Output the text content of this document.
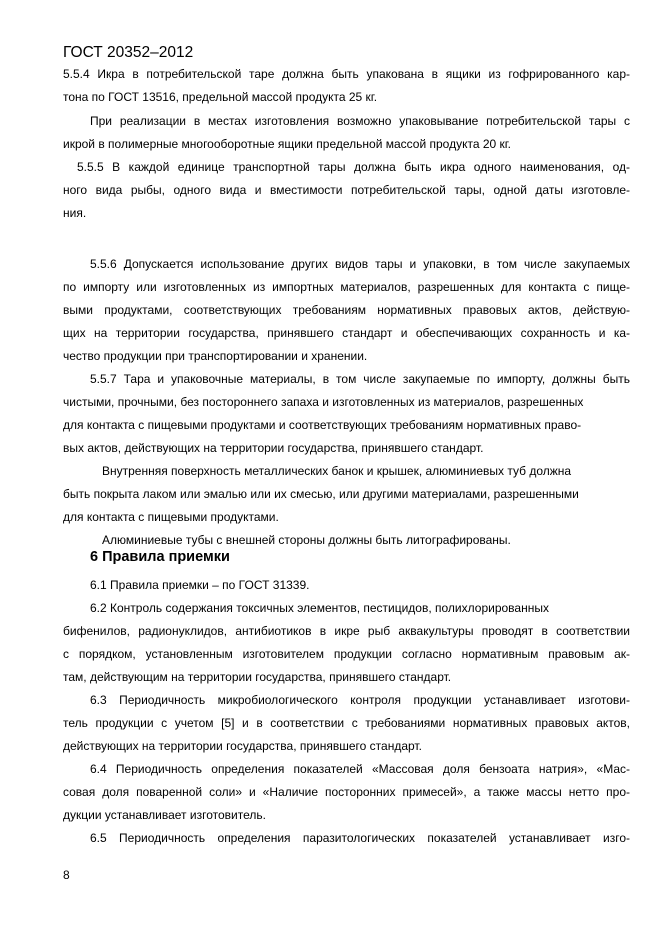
ГОСТ 20352–2012
5.5.4 Икра в потребительской таре должна быть упакована в ящики из гофрированного кар-
тона по ГОСТ 13516, предельной массой продукта 25 кг.
При реализации в местах изготовления возможно упаковывание потребительской тары с
икрой в полимерные многооборотные ящики предельной массой продукта 20 кг.
5.5.5 В каждой единице транспортной тары должна быть икра одного наименования, од-
ного вида рыбы, одного вида и вместимости потребительской тары, одной даты изготовле-
ния.
5.5.6 Допускается использование других видов тары и упаковки, в том числе закупаемых
по импорту или изготовленных из импортных материалов, разрешенных для контакта с пище-
выми продуктами, соответствующих требованиям нормативных правовых актов, действую-
щих на территории государства, принявшего стандарт и обеспечивающих сохранность и ка-
чество продукции при транспортировании и хранении.
5.5.7 Тара и упаковочные материалы, в том числе закупаемые по импорту, должны быть
чистыми, прочными, без постороннего запаха и изготовленных из материалов, разрешенных
для контакта с пищевыми продуктами и соответствующих требованиям нормативных право-
вых актов, действующих на территории государства, принявшего стандарт.
Внутренняя поверхность металлических банок и крышек, алюминиевых туб должна
быть покрыта лаком или эмалью или их смесью, или другими материалами, разрешенными
для контакта с пищевыми продуктами.
Алюминиевые тубы с внешней стороны должны быть литографированы.
6 Правила приемки
6.1 Правила приемки – по ГОСТ 31339.
6.2 Контроль содержания токсичных элементов, пестицидов, полихлорированных
бифенилов, радионуклидов, антибиотиков в икре рыб аквакультуры проводят в соответствии
с порядком, установленным изготовителем продукции согласно нормативным правовым ак-
там, действующим на территории государства, принявшего стандарт.
6.3 Периодичность микробиологического контроля продукции устанавливает изготови-
тель продукции с учетом [5] и в соответствии с требованиями нормативных правовых актов,
действующих на территории государства, принявшего стандарт.
6.4 Периодичность определения показателей «Массовая доля бензоата натрия», «Мас-
совая доля поваренной соли» и «Наличие посторонних примесей», а также массы нетто про-
дукции устанавливает изготовитель.
6.5 Периодичность определения паразитологических показателей устанавливает изго-
8
